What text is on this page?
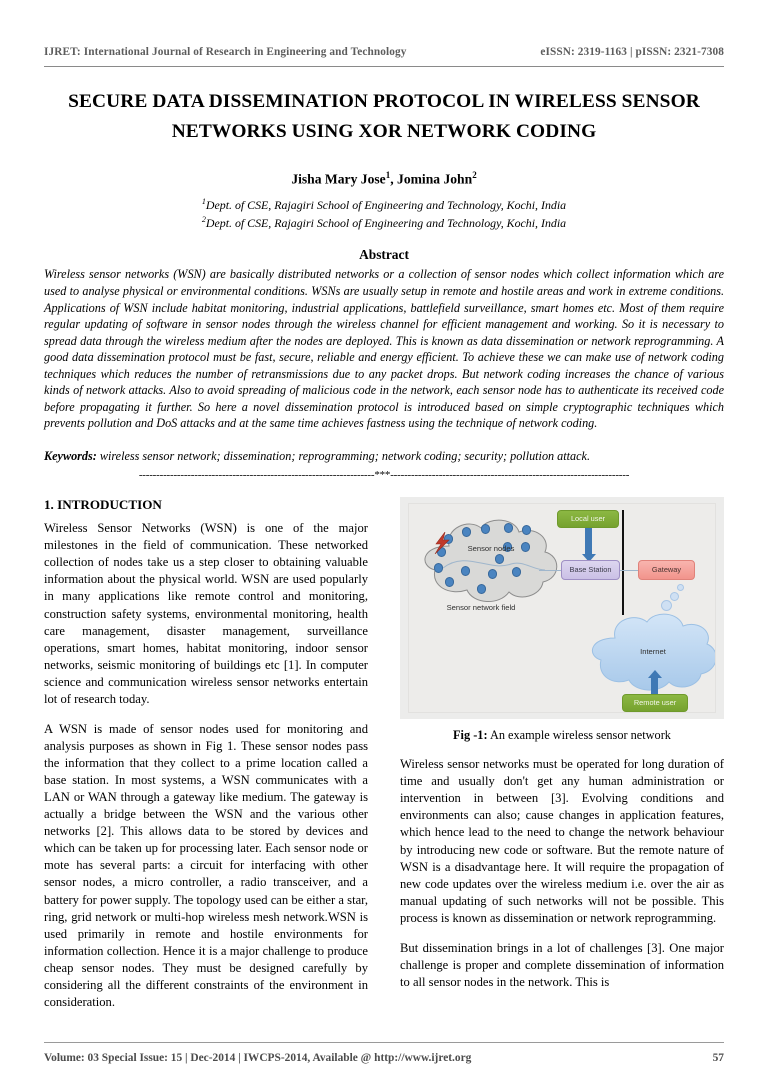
IJRET: International Journal of Research in Engineering and Technology	eISSN: 2319-1163 | pISSN: 2321-7308
SECURE DATA DISSEMINATION PROTOCOL IN WIRELESS SENSOR NETWORKS USING XOR NETWORK CODING
Jisha Mary Jose$^1$, Jomina John$^2$
$^1$Dept. of CSE, Rajagiri School of Engineering and Technology, Kochi, India
$^2$Dept. of CSE, Rajagiri School of Engineering and Technology, Kochi, India
Abstract
Wireless sensor networks (WSN) are basically distributed networks or a collection of sensor nodes which collect information which are used to analyse physical or environmental conditions. WSNs are usually setup in remote and hostile areas and work in extreme conditions. Applications of WSN include habitat monitoring, industrial applications, battlefield surveillance, smart homes etc. Most of them require regular updating of software in sensor nodes through the wireless channel for efficient management and working. So it is necessary to spread data through the wireless medium after the nodes are deployed. This is known as data dissemination or network reprogramming. A good data dissemination protocol must be fast, secure, reliable and energy efficient. To achieve these we can make use of network coding techniques which reduces the number of retransmissions due to any packet drops. But network coding increases the chance of various kinds of network attacks. Also to avoid spreading of malicious code in the network, each sensor node has to authenticate its received code before propagating it further. So here a novel dissemination protocol is introduced based on simple cryptographic techniques which prevents pollution and DoS attacks and at the same time achieves fastness using the technique of network coding.
Keywords: wireless sensor network; dissemination; reprogramming; network coding; security; pollution attack.
--------------------------------------------------------------------***---------------------------------------------------------------------
1. INTRODUCTION

Wireless Sensor Networks (WSN) is one of the major milestones in the field of communication. These networked collection of nodes take us a step closer to obtaining valuable information about the physical world. WSN are used popularly in many applications like remote control and monitoring, construction safety systems, environmental monitoring, health care management, disaster management, surveillance operations, smart homes, habitat monitoring, indoor sensor networks, seismic monitoring of buildings etc [1]. In computer science and communication wireless sensor networks entertain lot of research today.

A WSN is made of sensor nodes used for monitoring and analysis purposes as shown in Fig 1. These sensor nodes pass the information that they collect to a prime location called a base station. In most systems, a WSN communicates with a LAN or WAN through a gateway like medium. The gateway is actually a bridge between the WSN and the various other networks [2]. This allows data to be stored by devices and which can be taken up for processing later. Each sensor node or mote has several parts: a circuit for interfacing with other sensor nodes, a micro controller, a radio transceiver, and a battery for power supply. The topology used can be either a star, ring, grid network or multi-hop wireless mesh network.WSN is used primarily in remote and hostile environments for information collection. Hence it is a major challenge to produce cheap sensor nodes. They must be designed carefully by considering all the different constraints of the environment in consideration.

Sensor nodes
Sensor network field
Local user
Base Station	Gateway
Internet
Remote user
Fig -1: An example wireless sensor network

Wireless sensor networks must be operated for long duration of time and usually don't get any human administration or intervention in between [3]. Evolving conditions and environments can also; cause changes in application features, which hence lead to the need to change the network behaviour by introducing new code or software. But the remote nature of WSN is a disadvantage here. It will require the propagation of new code updates over the wireless medium i.e. over the air as manual updating of such networks will not be possible. This process is known as dissemination or network reprogramming.

But dissemination brings in a lot of challenges [3]. One major challenge is proper and complete dissemination of information to all sensor nodes in the network. This is

Volume: 03 Special Issue: 15 | Dec-2014 | IWCPS-2014, Available @ http://www.ijret.org	57
